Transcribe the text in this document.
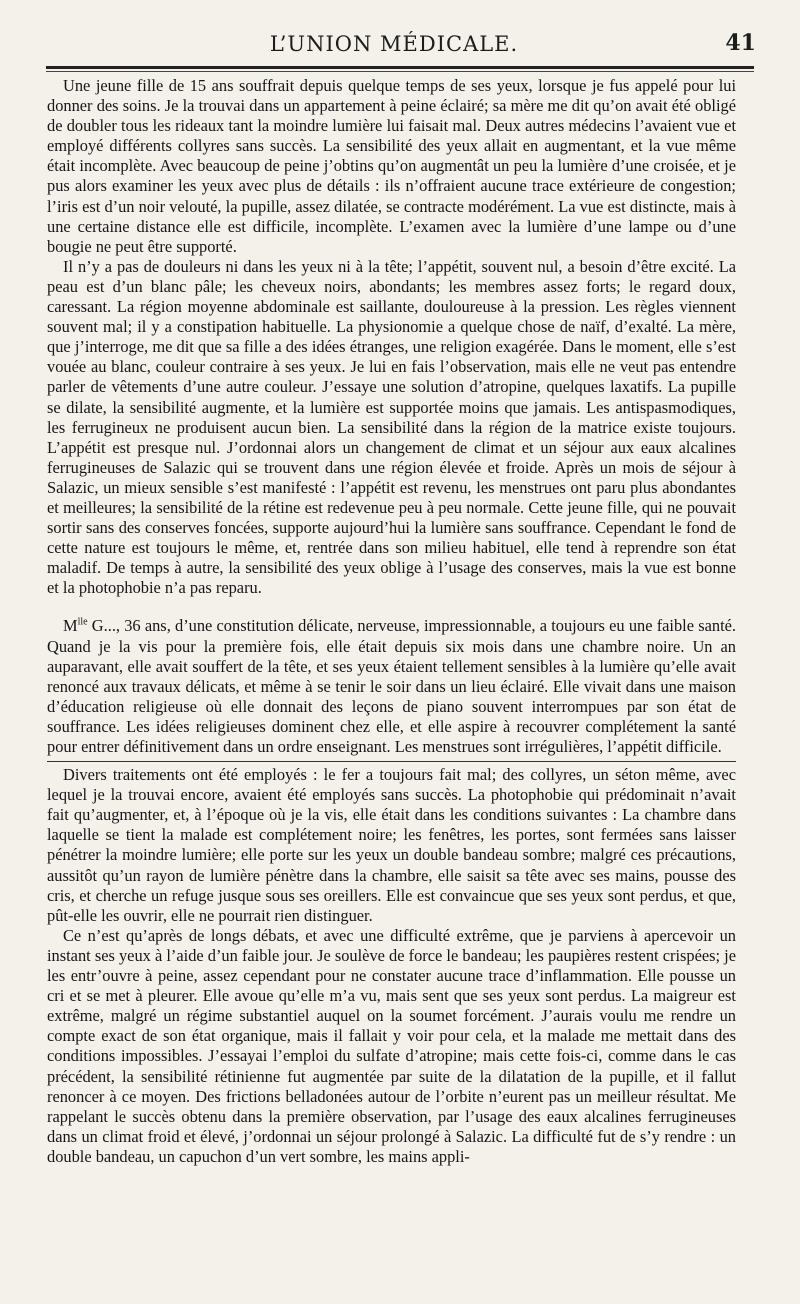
L’UNION MÉDICALE.	41

Une jeune fille de 15 ans souffrait depuis quelque temps de ses yeux, lorsque je fus appelé pour lui donner des soins. Je la trouvai dans un appartement à peine éclairé; sa mère me dit qu’on avait été obligé de doubler tous les rideaux tant la moindre lumière lui faisait mal. Deux autres médecins l’avaient vue et employé différents collyres sans succès. La sensibilité des yeux allait en augmentant, et la vue même était incomplète. Avec beaucoup de peine j’obtins qu’on augmentât un peu la lumière d’une croisée, et je pus alors examiner les yeux avec plus de détails : ils n’offraient aucune trace extérieure de congestion; l’iris est d’un noir velouté, la pupille, assez dilatée, se contracte modérément. La vue est distincte, mais à une certaine distance elle est difficile, incomplète. L’examen avec la lumière d’une lampe ou d’une bougie ne peut être supporté.

Il n’y a pas de douleurs ni dans les yeux ni à la tête; l’appétit, souvent nul, a besoin d’être excité. La peau est d’un blanc pâle; les cheveux noirs, abondants; les membres assez forts; le regard doux, caressant. La région moyenne abdominale est saillante, douloureuse à la pression. Les règles viennent souvent mal; il y a constipation habituelle. La physionomie a quelque chose de naïf, d’exalté. La mère, que j’interroge, me dit que sa fille a des idées étranges, une religion exagérée. Dans le moment, elle s’est vouée au blanc, couleur contraire à ses yeux. Je lui en fais l’observation, mais elle ne veut pas entendre parler de vêtements d’une autre couleur. J’essaye une solution d’atropine, quelques laxatifs. La pupille se dilate, la sensibilité augmente, et la lumière est supportée moins que jamais. Les antispasmodiques, les ferrugineux ne produisent aucun bien. La sensibilité dans la région de la matrice existe toujours. L’appétit est presque nul. J’ordonnai alors un changement de climat et un séjour aux eaux alcalines ferrugineuses de Salazic qui se trouvent dans une région élevée et froide. Après un mois de séjour à Salazic, un mieux sensible s’est manifesté : l’appétit est revenu, les menstrues ont paru plus abondantes et meilleures; la sensibilité de la rétine est redevenue peu à peu normale. Cette jeune fille, qui ne pouvait sortir sans des conserves foncées, supporte aujourd’hui la lumière sans souffrance. Cependant le fond de cette nature est toujours le même, et, rentrée dans son milieu habituel, elle tend à reprendre son état maladif. De temps à autre, la sensibilité des yeux oblige à l’usage des conserves, mais la vue est bonne et la photophobie n’a pas reparu.

$M^{lle}$ G..., 36 ans, d’une constitution délicate, nerveuse, impressionnable, a toujours eu une faible santé. Quand je la vis pour la première fois, elle était depuis six mois dans une chambre noire. Un an auparavant, elle avait souffert de la tête, et ses yeux étaient tellement sensibles à la lumière qu’elle avait renoncé aux travaux délicats, et même à se tenir le soir dans un lieu éclairé. Elle vivait dans une maison d’éducation religieuse où elle donnait des leçons de piano souvent interrompues par son état de souffrance. Les idées religieuses dominent chez elle, et elle aspire à recouvrer complétement la santé pour entrer définitivement dans un ordre enseignant. Les menstrues sont irrégulières, l’appétit difficile.

Divers traitements ont été employés : le fer a toujours fait mal; des collyres, un séton même, avec lequel je la trouvai encore, avaient été employés sans succès. La photophobie qui prédominait n’avait fait qu’augmenter, et, à l’époque où je la vis, elle était dans les conditions suivantes : La chambre dans laquelle se tient la malade est complétement noire; les fenêtres, les portes, sont fermées sans laisser pénétrer la moindre lumière; elle porte sur les yeux un double bandeau sombre; malgré ces précautions, aussitôt qu’un rayon de lumière pénètre dans la chambre, elle saisit sa tête avec ses mains, pousse des cris, et cherche un refuge jusque sous ses oreillers. Elle est convaincue que ses yeux sont perdus, et que, pût-elle les ouvrir, elle ne pourrait rien distinguer.

Ce n’est qu’après de longs débats, et avec une difficulté extrême, que je parviens à apercevoir un instant ses yeux à l’aide d’un faible jour. Je soulève de force le bandeau; les paupières restent crispées; je les entr’ouvre à peine, assez cependant pour ne constater aucune trace d’inflammation. Elle pousse un cri et se met à pleurer. Elle avoue qu’elle m’a vu, mais sent que ses yeux sont perdus. La maigreur est extrême, malgré un régime substantiel auquel on la soumet forcément. J’aurais voulu me rendre un compte exact de son état organique, mais il fallait y voir pour cela, et la malade me mettait dans des conditions impossibles. J’essayai l’emploi du sulfate d’atropine; mais cette fois-ci, comme dans le cas précédent, la sensibilité rétinienne fut augmentée par suite de la dilatation de la pupille, et il fallut renoncer à ce moyen. Des frictions belladonées autour de l’orbite n’eurent pas un meilleur résultat. Me rappelant le succès obtenu dans la première observation, par l’usage des eaux alcalines ferrugineuses dans un climat froid et élevé, j’ordonnai un séjour prolongé à Salazic. La difficulté fut de s’y rendre : un double bandeau, un capuchon d’un vert sombre, les mains appli-
